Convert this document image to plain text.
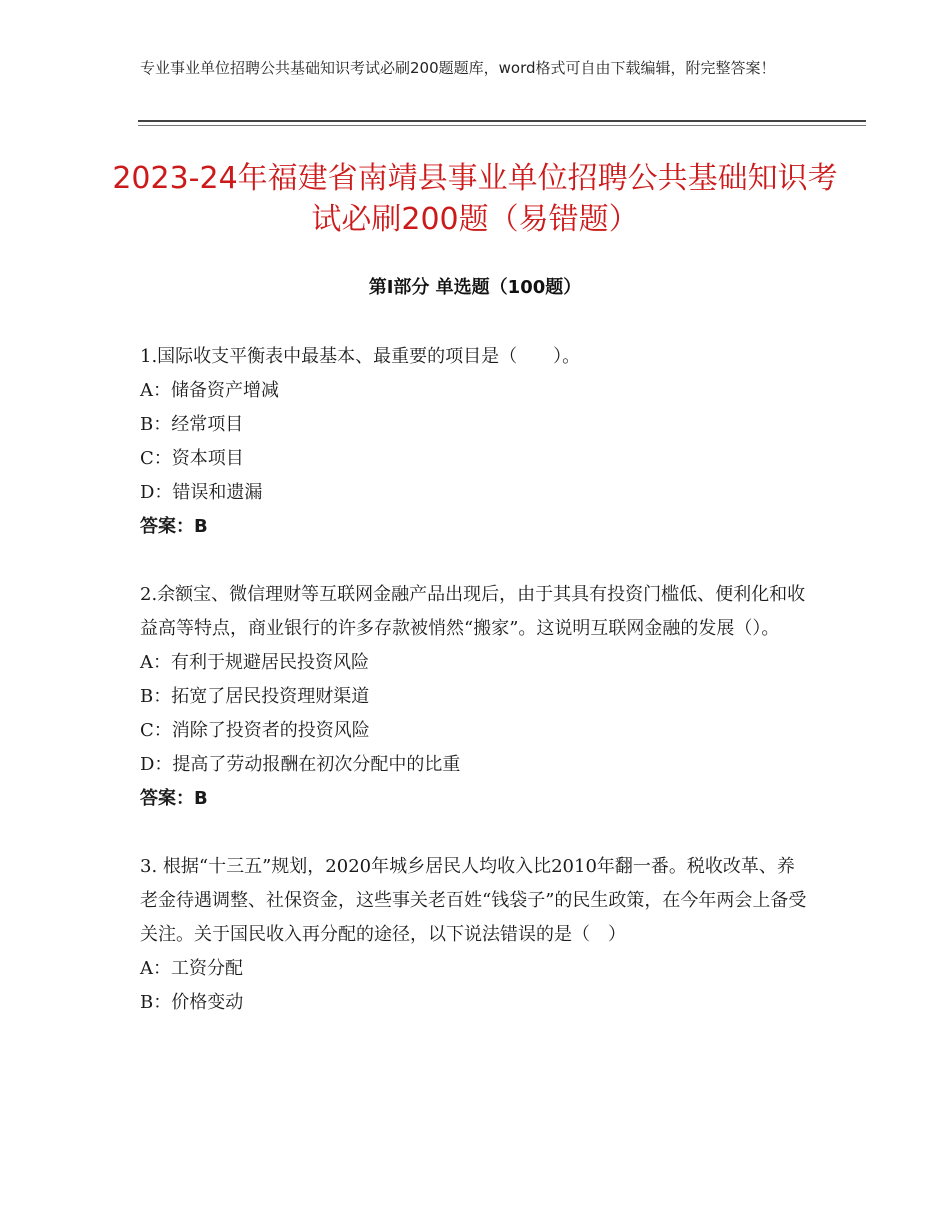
专业事业单位招聘公共基础知识考试必刷200题题库，word格式可自由下载编辑，附完整答案！
2023-24年福建省南靖县事业单位招聘公共基础知识考试必刷200题（易错题）
第Ⅰ部分 单选题（100题）

1.国际收支平衡表中最基本、最重要的项目是（　　）。

A：储备资产增减

B：经常项目

C：资本项目

D：错误和遗漏

答案：B

2.余额宝、微信理财等互联网金融产品出现后，由于其具有投资门槛低、便利化和收益高等特点，商业银行的许多存款被悄然“搬家”。这说明互联网金融的发展（）。

A：有利于规避居民投资风险

B：拓宽了居民投资理财渠道

C：消除了投资者的投资风险

D：提高了劳动报酬在初次分配中的比重

答案：B

3. 根据“十三五”规划，2020年城乡居民人均收入比2010年翻一番。税收改革、养老金待遇调整、社保资金，这些事关老百姓“钱袋子”的民生政策，在今年两会上备受关注。关于国民收入再分配的途径，以下说法错误的是（　）

A：工资分配

B：价格变动
